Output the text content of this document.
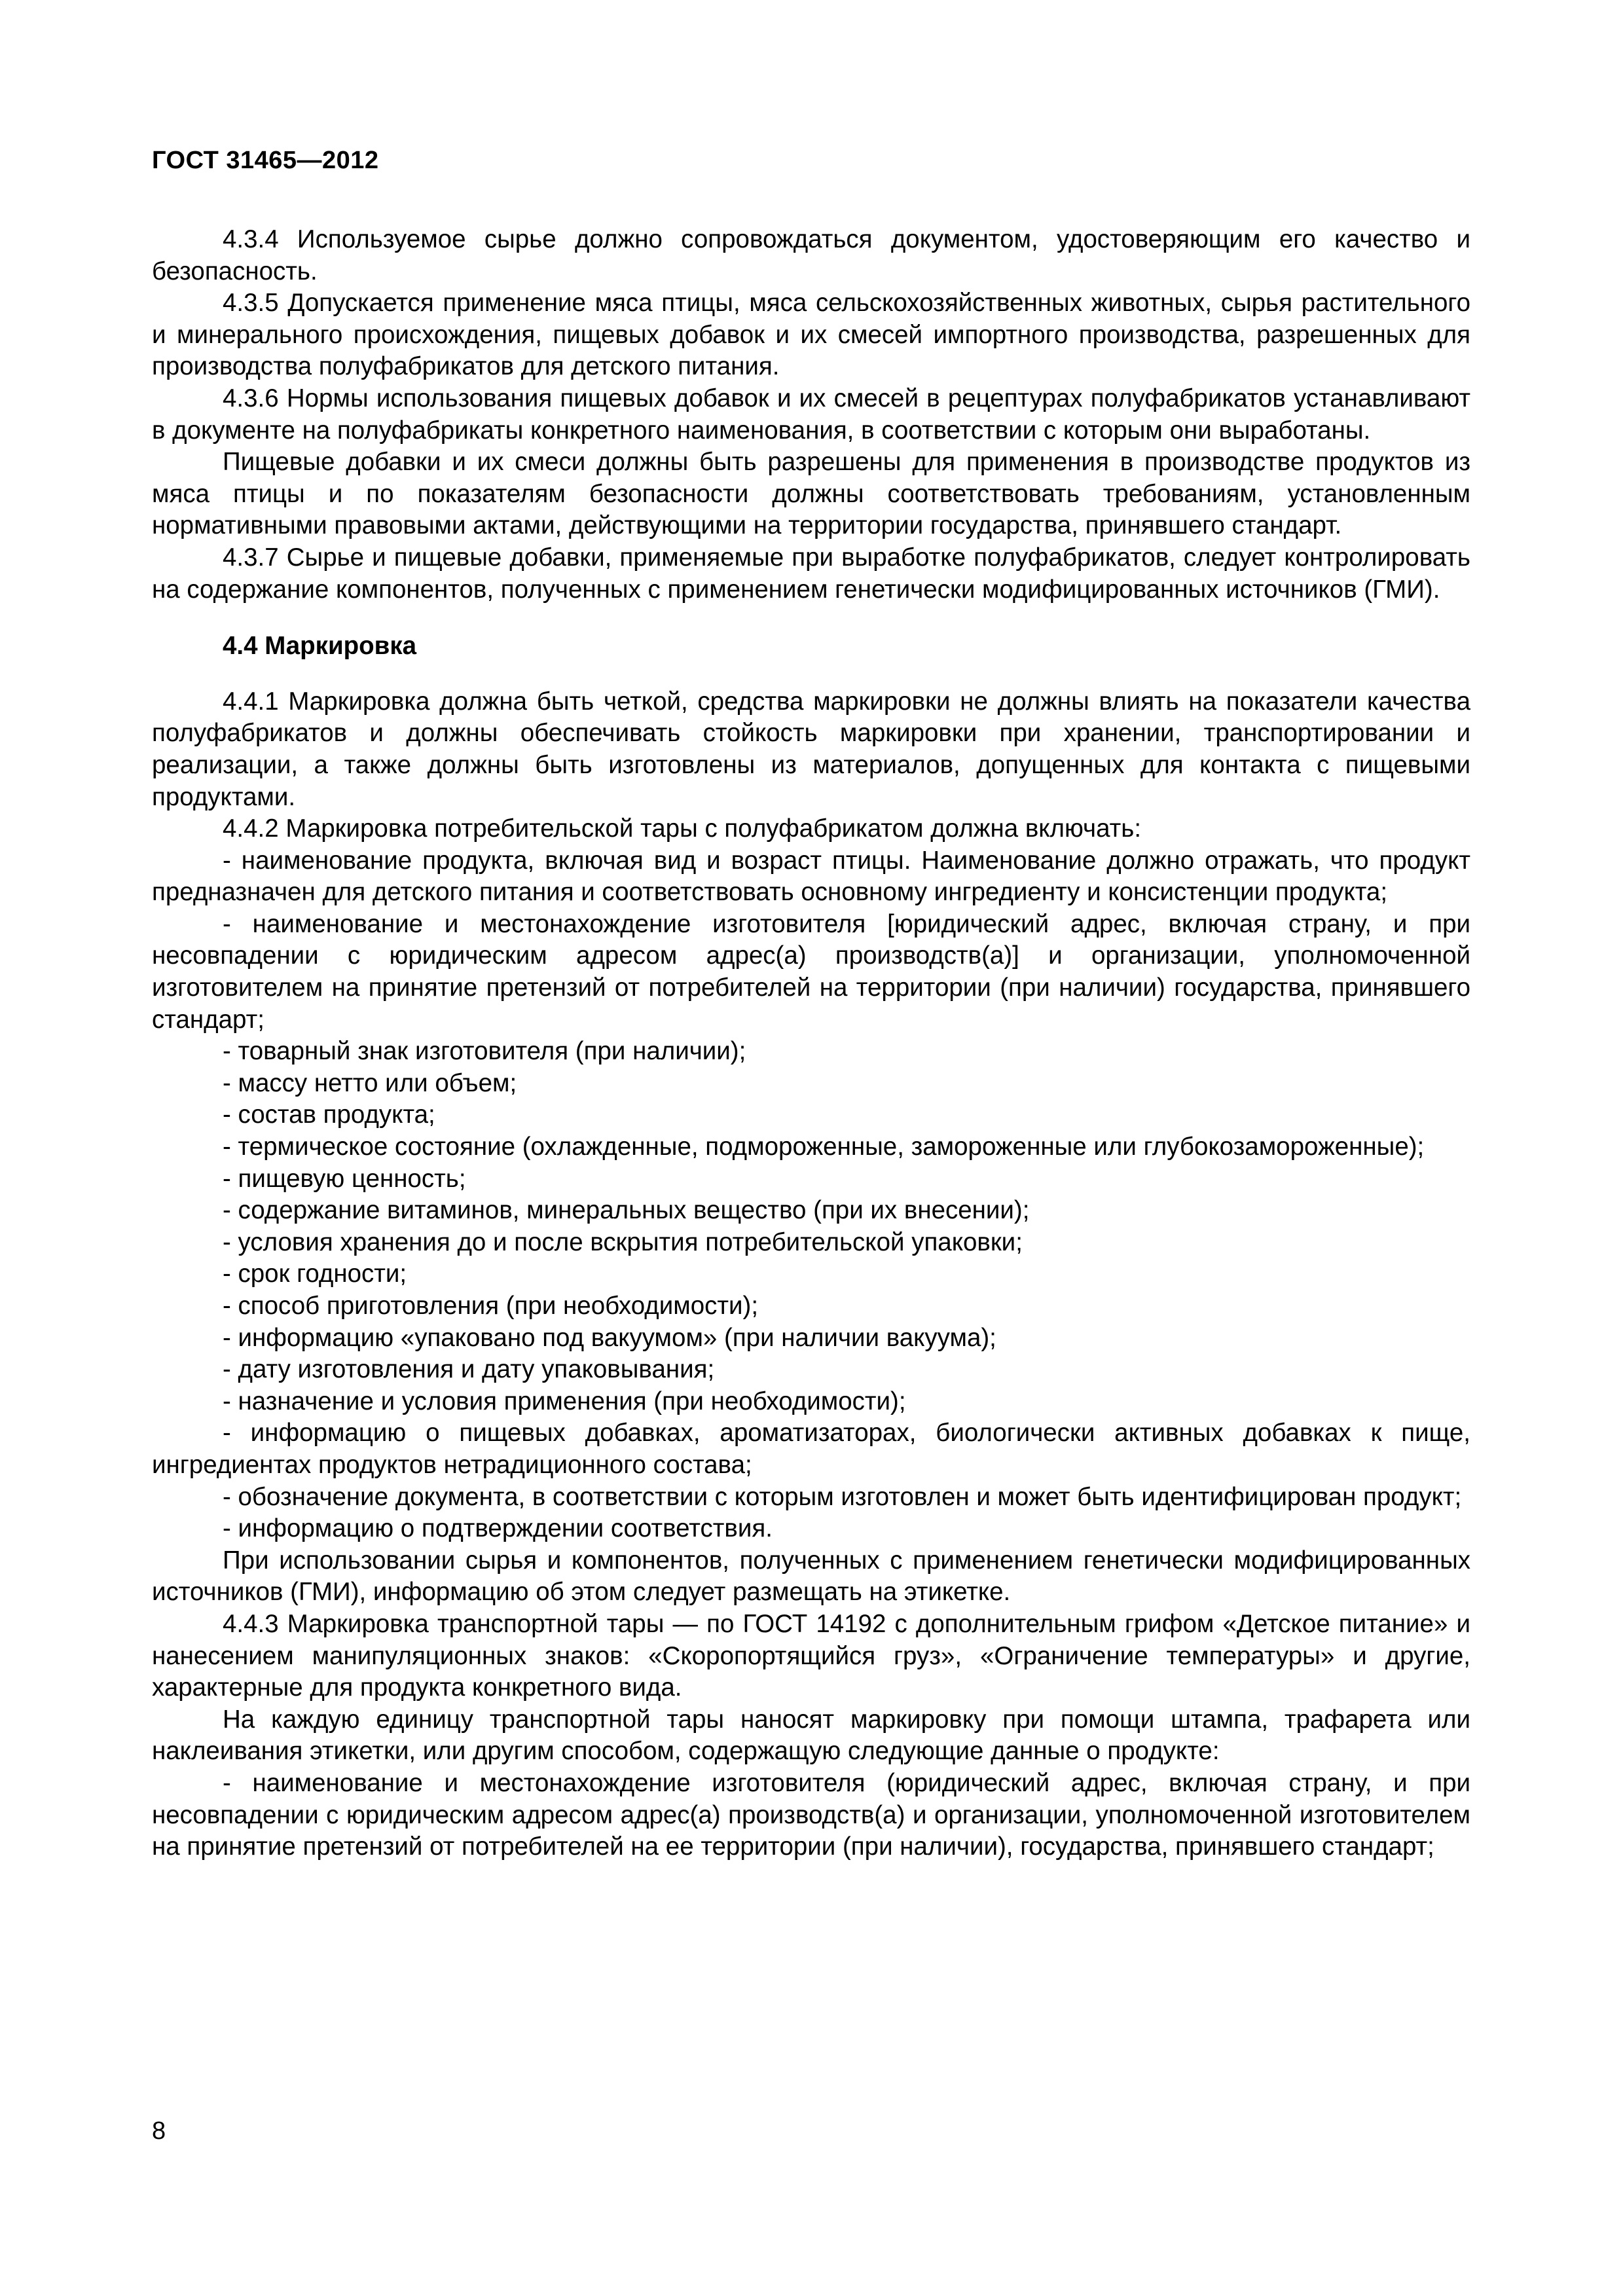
ГОСТ 31465—2012

4.3.4 Используемое сырье должно сопровождаться документом, удостоверяющим его качество и безопасность.

4.3.5 Допускается применение мяса птицы, мяса сельскохозяйственных животных, сырья растительного и минерального происхождения, пищевых добавок и их смесей импортного производства, разрешенных для производства полуфабрикатов для детского питания.

4.3.6 Нормы использования пищевых добавок и их смесей в рецептурах полуфабрикатов устанавливают в документе на полуфабрикаты конкретного наименования, в соответствии с которым они выработаны.

Пищевые добавки и их смеси должны быть разрешены для применения в производстве продуктов из мяса птицы и по показателям безопасности должны соответствовать требованиям, установленным нормативными правовыми актами, действующими на территории государства, принявшего стандарт.

4.3.7 Сырье и пищевые добавки, применяемые при выработке полуфабрикатов, следует контролировать на содержание компонентов, полученных с применением генетически модифицированных источников (ГМИ).

4.4 Маркировка

4.4.1 Маркировка должна быть четкой, средства маркировки не должны влиять на показатели качества полуфабрикатов и должны обеспечивать стойкость маркировки при хранении, транспортировании и реализации, а также должны быть изготовлены из материалов, допущенных для контакта с пищевыми продуктами.

4.4.2 Маркировка потребительской тары с полуфабрикатом должна включать:

- наименование продукта, включая вид и возраст птицы. Наименование должно отражать, что продукт предназначен для детского питания и соответствовать основному ингредиенту и консистенции продукта;

- наименование и местонахождение изготовителя [юридический адрес, включая страну, и при несовпадении с юридическим адресом адрес(а) производств(а)] и организации, уполномоченной изготовителем на принятие претензий от потребителей на территории (при наличии) государства, принявшего стандарт;

- товарный знак изготовителя (при наличии);

- массу нетто или объем;

- состав продукта;

- термическое состояние (охлажденные, подмороженные, замороженные или глубокозамороженные);

- пищевую ценность;

- содержание витаминов, минеральных вещество (при их внесении);

- условия хранения до и после вскрытия потребительской упаковки;

- срок годности;

- способ приготовления (при необходимости);

- информацию «упаковано под вакуумом» (при наличии вакуума);

- дату изготовления и дату упаковывания;

- назначение и условия применения (при необходимости);

- информацию о пищевых добавках, ароматизаторах, биологически активных добавках к пище, ингредиентах продуктов нетрадиционного состава;

- обозначение документа, в соответствии с которым изготовлен и может быть идентифицирован продукт;

- информацию о подтверждении соответствия.

При использовании сырья и компонентов, полученных с применением генетически модифицированных источников (ГМИ), информацию об этом следует размещать на этикетке.

4.4.3 Маркировка транспортной тары — по ГОСТ 14192 с дополнительным грифом «Детское питание» и нанесением манипуляционных знаков: «Скоропортящийся груз», «Ограничение температуры» и другие, характерные для продукта конкретного вида.

На каждую единицу транспортной тары наносят маркировку при помощи штампа, трафарета или наклеивания этикетки, или другим способом, содержащую следующие данные о продукте:

- наименование и местонахождение изготовителя (юридический адрес, включая страну, и при несовпадении с юридическим адресом адрес(а) производств(а) и организации, уполномоченной изготовителем на принятие претензий от потребителей на ее территории (при наличии), государства, принявшего стандарт;

8
